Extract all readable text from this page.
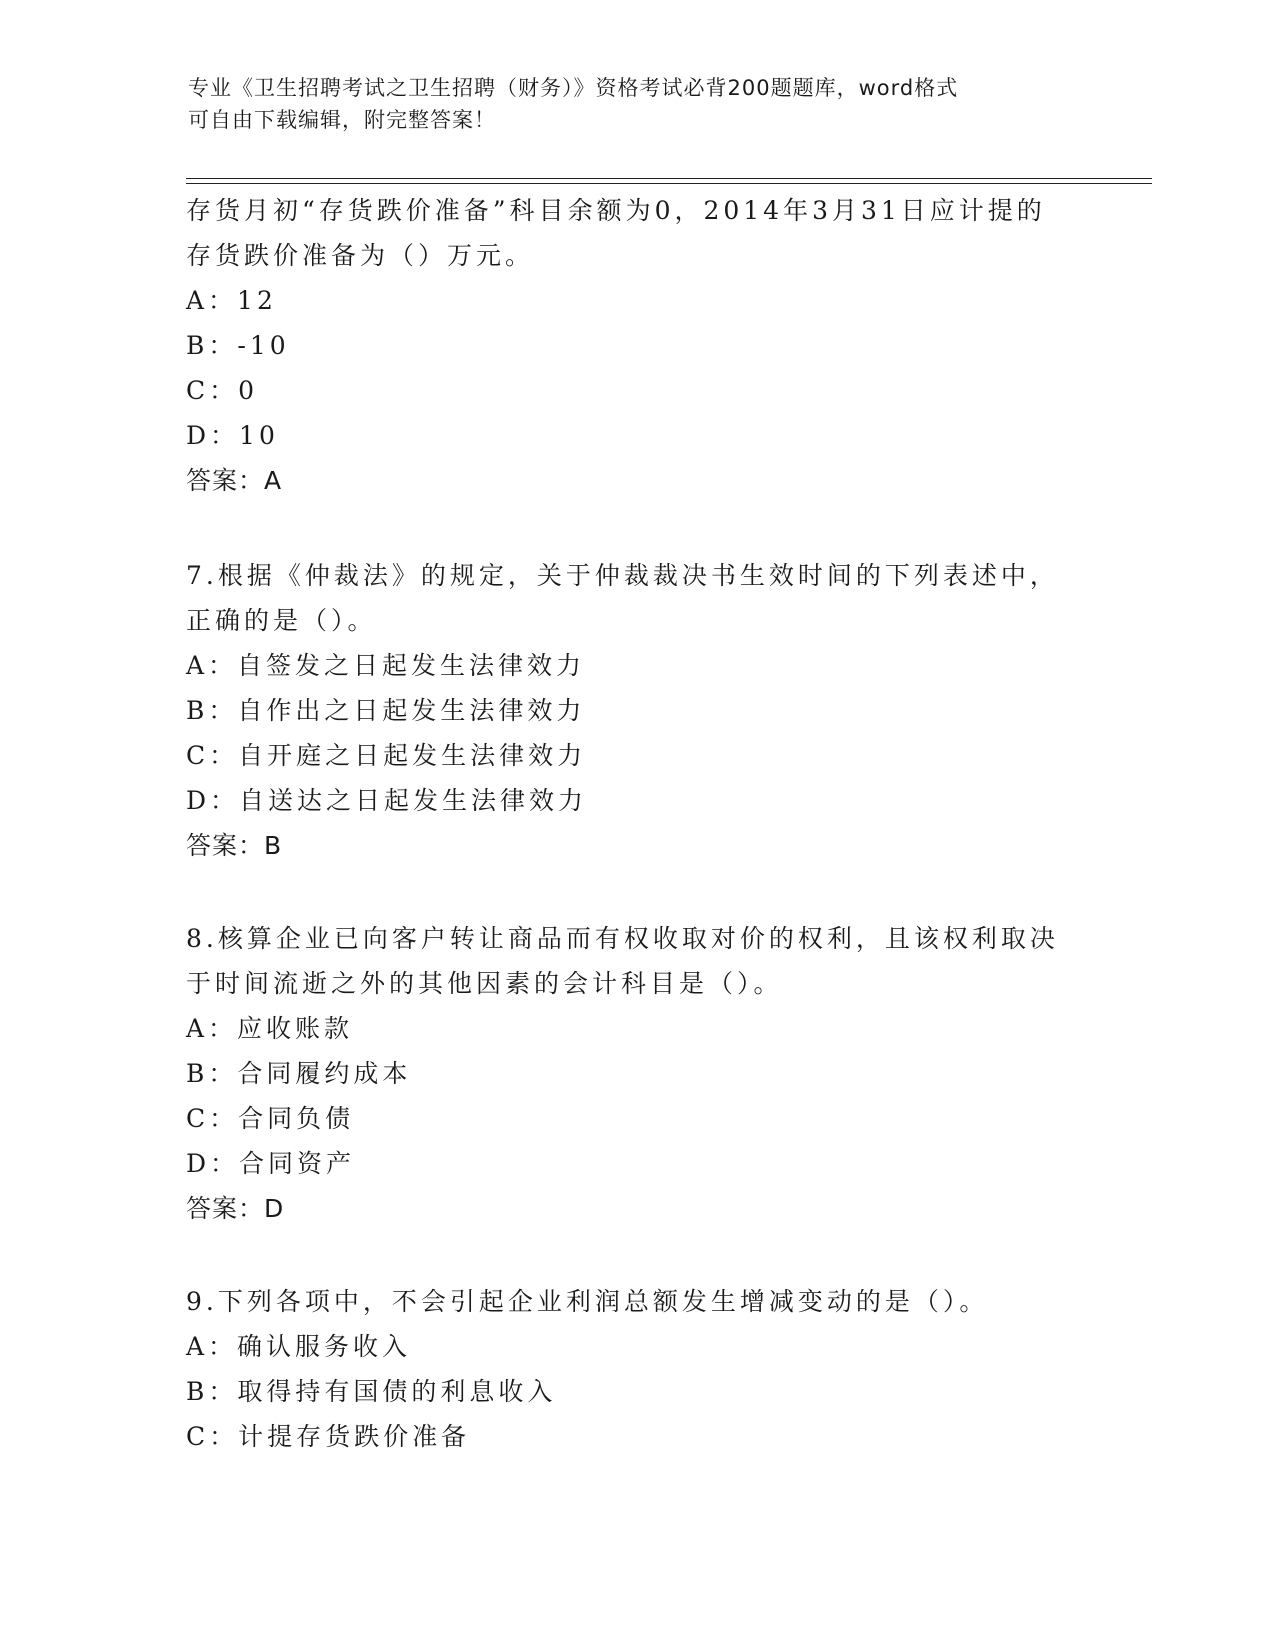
专业《卫生招聘考试之卫生招聘（财务）》资格考试必背200题题库，word格式
可自由下载编辑，附完整答案！
存货月初“存货跌价准备”科目余额为0，2014年3月31日应计提的
存货跌价准备为（）万元。
A：12
B：-10
C：0
D：10
答案：A
7.根据《仲裁法》的规定，关于仲裁裁决书生效时间的下列表述中，
正确的是（）。
A：自签发之日起发生法律效力
B：自作出之日起发生法律效力
C：自开庭之日起发生法律效力
D：自送达之日起发生法律效力
答案：B
8.核算企业已向客户转让商品而有权收取对价的权利，且该权利取决
于时间流逝之外的其他因素的会计科目是（）。
A：应收账款
B：合同履约成本
C：合同负债
D：合同资产
答案：D
9.下列各项中，不会引起企业利润总额发生增减变动的是（）。
A：确认服务收入
B：取得持有国债的利息收入
C：计提存货跌价准备
